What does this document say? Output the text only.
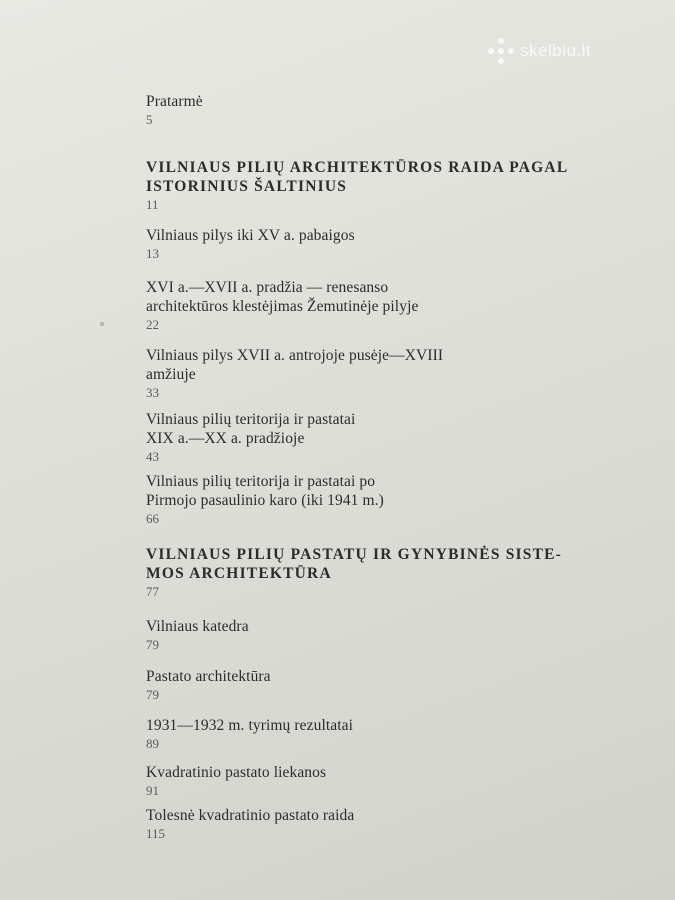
skelbiu.lt
Pratarmė
5
VILNIAUS PILIŲ ARCHITEKTŪROS RAIDA PAGAL
ISTORINIUS ŠALTINIUS
11
Vilniaus pilys iki XV a. pabaigos
13
XVI a.—XVII a. pradžia — renesanso
architektūros klestėjimas Žemutinėje pilyje
22
Vilniaus pilys XVII a. antrojoje pusėje—XVIII
amžiuje
33
Vilniaus pilių teritorija ir pastatai
XIX a.—XX a. pradžioje
43
Vilniaus pilių teritorija ir pastatai po
Pirmojo pasaulinio karo (iki 1941 m.)
66
VILNIAUS PILIŲ PASTATŲ IR GYNYBINĖS SISTE-
MOS ARCHITEKTŪRA
77
Vilniaus katedra
79
Pastato architektūra
79
1931—1932 m. tyrimų rezultatai
89
Kvadratinio pastato liekanos
91
Tolesnė kvadratinio pastato raida
115
